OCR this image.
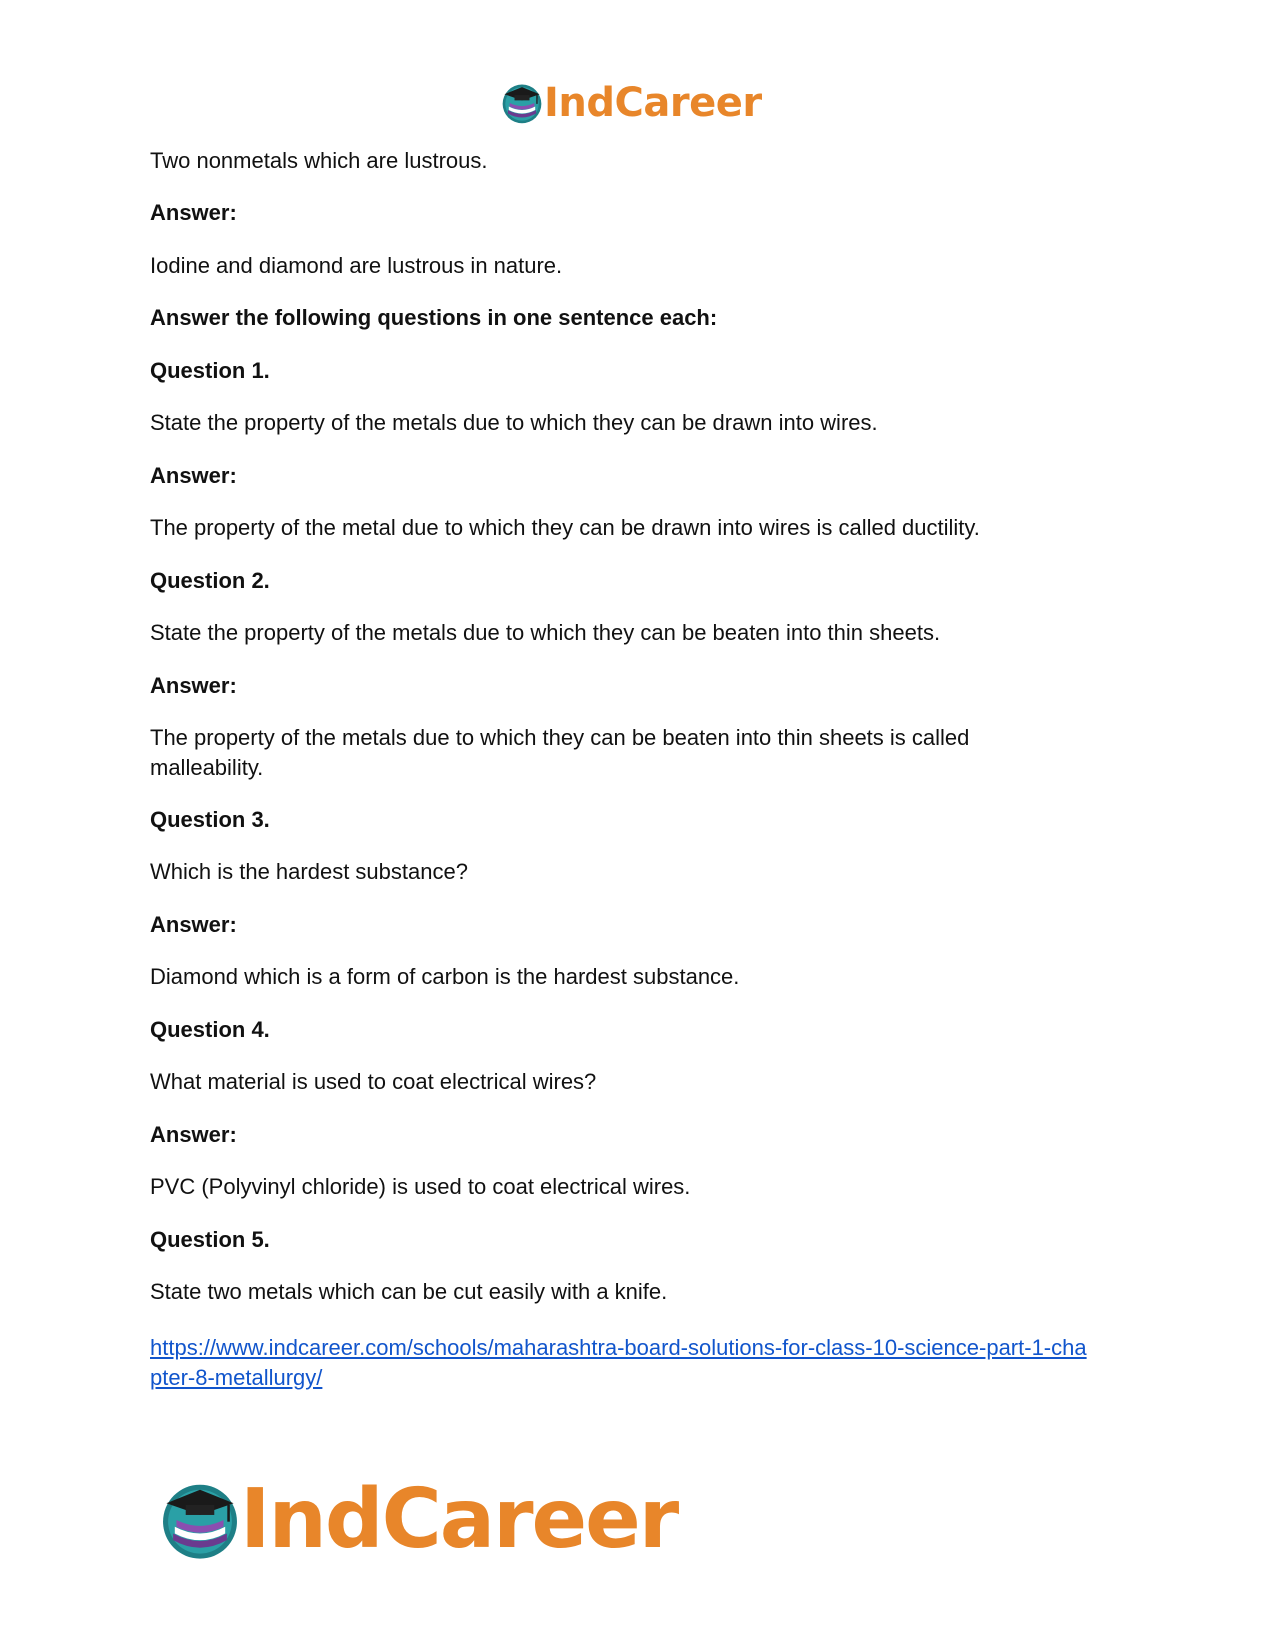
IndCareer

Two nonmetals which are lustrous.

Answer:

Iodine and diamond are lustrous in nature.

Answer the following questions in one sentence each:

Question 1.

State the property of the metals due to which they can be drawn into wires.

Answer:

The property of the metal due to which they can be drawn into wires is called ductility.

Question 2.

State the property of the metals due to which they can be beaten into thin sheets.

Answer:

The property of the metals due to which they can be beaten into thin sheets is called malleability.

Question 3.

Which is the hardest substance?

Answer:

Diamond which is a form of carbon is the hardest substance.

Question 4.

What material is used to coat electrical wires?

Answer:

PVC (Polyvinyl chloride) is used to coat electrical wires.

Question 5.

State two metals which can be cut easily with a knife.

https://www.indcareer.com/schools/maharashtra-board-solutions-for-class-10-science-part-1-cha
pter-8-metallurgy/
IndCareer
